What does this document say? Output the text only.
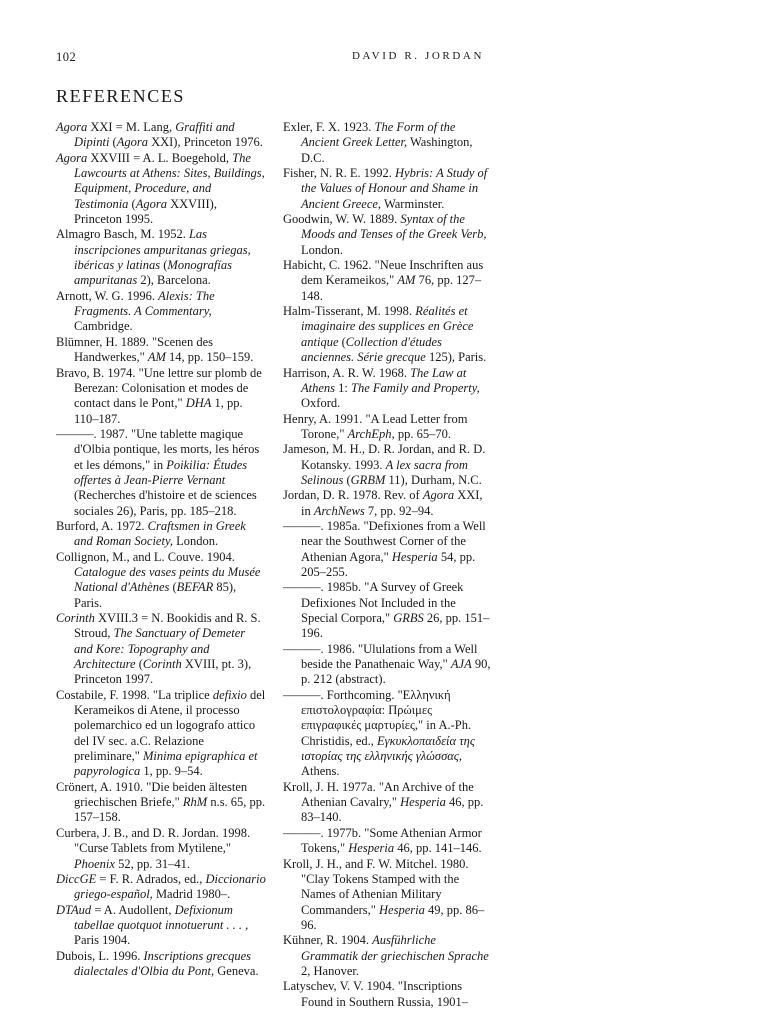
102	DAVID R. JORDAN
REFERENCES

Agora XXI = M. Lang, Graffiti and Dipinti (Agora XXI), Princeton 1976.

Agora XXVIII = A. L. Boegehold, The Lawcourts at Athens: Sites, Buildings, Equipment, Procedure, and Testimonia (Agora XXVIII), Princeton 1995.

Almagro Basch, M. 1952. Las inscripciones ampuritanas griegas, ibéricas y latinas (Monografías ampuritanas 2), Barcelona.

Arnott, W. G. 1996. Alexis: The Fragments. A Commentary, Cambridge.

Blümner, H. 1889. "Scenen des Handwerkes," AM 14, pp. 150–159.

Bravo, B. 1974. "Une lettre sur plomb de Berezan: Colonisation et modes de contact dans le Pont," DHA 1, pp. 110–187.

———. 1987. "Une tablette magique d'Olbia pontique, les morts, les héros et les démons," in Poikilia: Études offertes à Jean-Pierre Vernant (Recherches d'histoire et de sciences sociales 26), Paris, pp. 185–218.

Burford, A. 1972. Craftsmen in Greek and Roman Society, London.

Collignon, M., and L. Couve. 1904. Catalogue des vases peints du Musée National d'Athènes (BEFAR 85), Paris.

Corinth XVIII.3 = N. Bookidis and R. S. Stroud, The Sanctuary of Demeter and Kore: Topography and Architecture (Corinth XVIII, pt. 3), Princeton 1997.

Costabile, F. 1998. "La triplice defixio del Kerameikos di Atene, il processo polemarchico ed un logografo attico del IV sec. a.C. Relazione preliminare," Minima epigraphica et papyrologica 1, pp. 9–54.

Crönert, A. 1910. "Die beiden ältesten griechischen Briefe," RhM n.s. 65, pp. 157–158.

Curbera, J. B., and D. R. Jordan. 1998. "Curse Tablets from Mytilene," Phoenix 52, pp. 31–41.

DiccGE = F. R. Adrados, ed., Diccionario griego-español, Madrid 1980–.

DTAud = A. Audollent, Defixionum tabellae quotquot innotuerunt . . . , Paris 1904.

Dubois, L. 1996. Inscriptions grecques dialectales d'Olbia du Pont, Geneva.

Exler, F. X. 1923. The Form of the Ancient Greek Letter, Washington, D.C.

Fisher, N. R. E. 1992. Hybris: A Study of the Values of Honour and Shame in Ancient Greece, Warminster.

Goodwin, W. W. 1889. Syntax of the Moods and Tenses of the Greek Verb, London.

Habicht, C. 1962. "Neue Inschriften aus dem Kerameikos," AM 76, pp. 127–148.

Halm-Tisserant, M. 1998. Réalités et imaginaire des supplices en Grèce antique (Collection d'études anciennes. Série grecque 125), Paris.

Harrison, A. R. W. 1968. The Law at Athens 1: The Family and Property, Oxford.

Henry, A. 1991. "A Lead Letter from Torone," ArchEph, pp. 65–70.

Jameson, M. H., D. R. Jordan, and R. D. Kotansky. 1993. A lex sacra from Selinous (GRBM 11), Durham, N.C.

Jordan, D. R. 1978. Rev. of Agora XXI, in ArchNews 7, pp. 92–94.

———. 1985a. "Defixiones from a Well near the Southwest Corner of the Athenian Agora," Hesperia 54, pp. 205–255.

———. 1985b. "A Survey of Greek Defixiones Not Included in the Special Corpora," GRBS 26, pp. 151–196.

———. 1986. "Ululations from a Well beside the Panathenaic Way," AJA 90, p. 212 (abstract).

———. Forthcoming. "Ελληνική επιστολογραφία: Πρώιμες επιγραφικές μαρτυρίες," in A.-Ph. Christidis, ed., Εγκυκλοπαιδεία της ιστορίας της ελληνικής γλώσσας, Athens.

Kroll, J. H. 1977a. "An Archive of the Athenian Cavalry," Hesperia 46, pp. 83–140.

———. 1977b. "Some Athenian Armor Tokens," Hesperia 46, pp. 141–146.

Kroll, J. H., and F. W. Mitchel. 1980. "Clay Tokens Stamped with the Names of Athenian Military Commanders," Hesperia 49, pp. 86–96.

Kühner, R. 1904. Ausführliche Grammatik der griechischen Sprache 2, Hanover.

Latyschev, V. V. 1904. "Inscriptions Found in Southern Russia, 1901–
